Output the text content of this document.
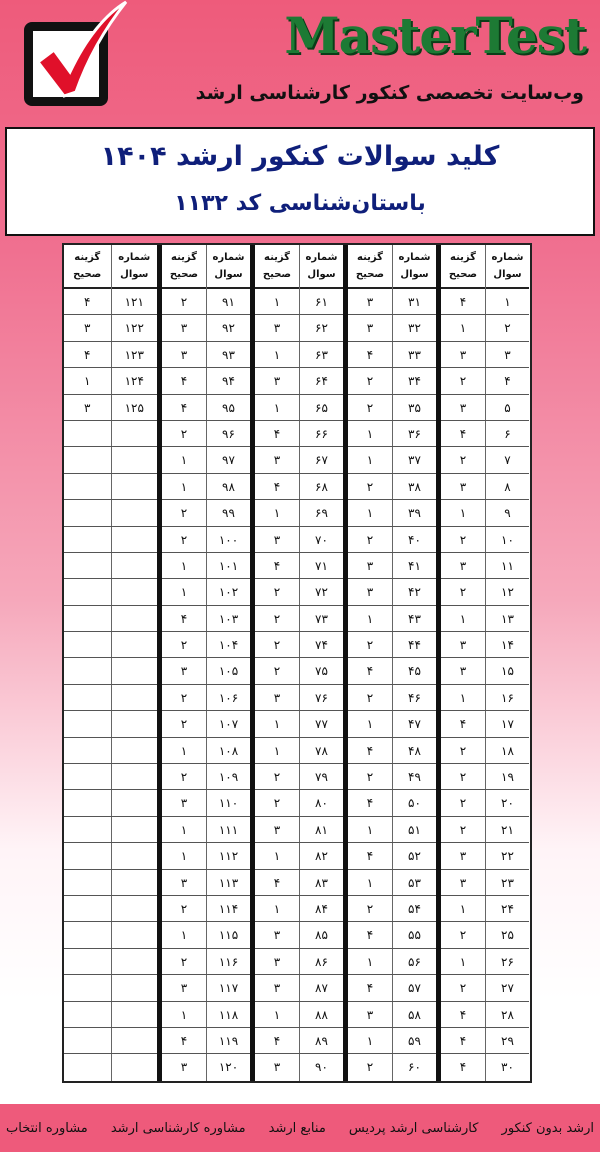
MasterTest
وب‌سایت تخصصی کنکور کارشناسی ارشد
کلید سوالات کنکور ارشد ۱۴۰۴
باستان‌شناسی کد ۱۱۳۲
گزینه صحیح
شماره سوال
۴	۱
۱	۲
۳	۳
۲	۴
۳	۵
۴	۶
۲	۷
۳	۸
۱	۹
۲	۱۰
۳	۱۱
۲	۱۲
۱	۱۳
۳	۱۴
۳	۱۵
۱	۱۶
۴	۱۷
۲	۱۸
۲	۱۹
۲	۲۰
۲	۲۱
۳	۲۲
۳	۲۳
۱	۲۴
۲	۲۵
۱	۲۶
۲	۲۷
۴	۲۸
۴	۲۹
۴	۳۰
گزینه صحیح
شماره سوال
۳	۳۱
۳	۳۲
۴	۳۳
۲	۳۴
۲	۳۵
۱	۳۶
۱	۳۷
۲	۳۸
۱	۳۹
۲	۴۰
۳	۴۱
۳	۴۲
۱	۴۳
۲	۴۴
۴	۴۵
۲	۴۶
۱	۴۷
۴	۴۸
۲	۴۹
۴	۵۰
۱	۵۱
۴	۵۲
۱	۵۳
۲	۵۴
۴	۵۵
۱	۵۶
۴	۵۷
۳	۵۸
۱	۵۹
۲	۶۰
گزینه صحیح
شماره سوال
۱	۶۱
۳	۶۲
۱	۶۳
۳	۶۴
۱	۶۵
۴	۶۶
۳	۶۷
۴	۶۸
۱	۶۹
۳	۷۰
۴	۷۱
۲	۷۲
۲	۷۳
۲	۷۴
۲	۷۵
۳	۷۶
۱	۷۷
۱	۷۸
۲	۷۹
۲	۸۰
۳	۸۱
۱	۸۲
۴	۸۳
۱	۸۴
۳	۸۵
۳	۸۶
۳	۸۷
۱	۸۸
۴	۸۹
۳	۹۰
گزینه صحیح
شماره سوال
۲	۹۱
۳	۹۲
۳	۹۳
۴	۹۴
۴	۹۵
۲	۹۶
۱	۹۷
۱	۹۸
۲	۹۹
۲	۱۰۰
۱	۱۰۱
۱	۱۰۲
۴	۱۰۳
۲	۱۰۴
۳	۱۰۵
۲	۱۰۶
۲	۱۰۷
۱	۱۰۸
۲	۱۰۹
۳	۱۱۰
۱	۱۱۱
۱	۱۱۲
۳	۱۱۳
۲	۱۱۴
۱	۱۱۵
۲	۱۱۶
۳	۱۱۷
۱	۱۱۸
۴	۱۱۹
۳	۱۲۰
گزینه صحیح
شماره سوال
۴	۱۲۱
۳	۱۲۲
۴	۱۲۳
۱	۱۲۴
۳	۱۲۵
ارشد بدون کنکور
کارشناسی ارشد پردیس
منابع ارشد
مشاوره کارشناسی ارشد
مشاوره انتخاب
